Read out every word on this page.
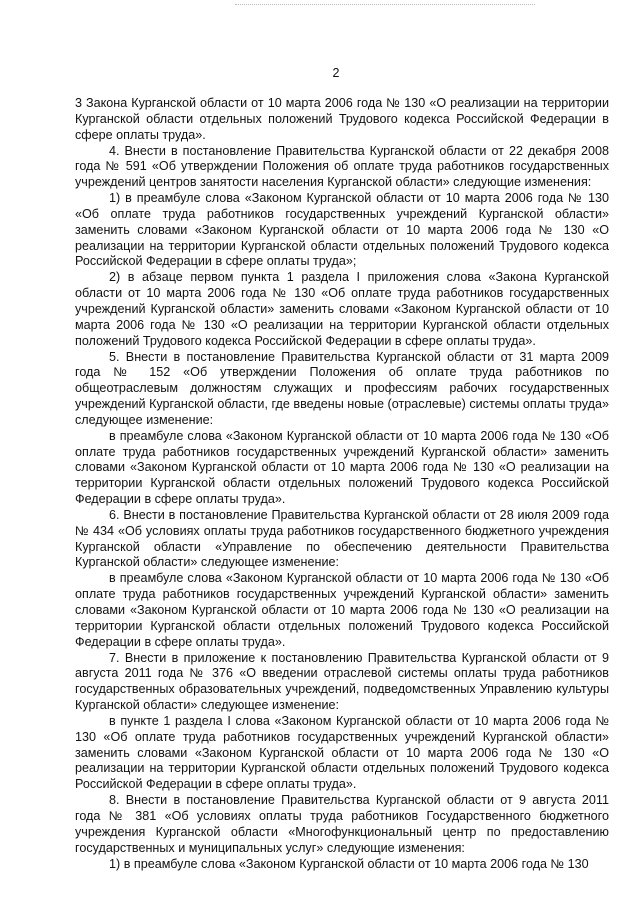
2

3 Закона Курганской области от 10 марта 2006 года № 130 «О реализации на территории Курганской области отдельных положений Трудового кодекса Российской Федерации в сфере оплаты труда».

4. Внести в постановление Правительства Курганской области от 22 декабря 2008 года № 591 «Об утверждении Положения об оплате труда работников государственных учреждений центров занятости населения Курганской области» следующие изменения:

1) в преамбуле слова «Законом Курганской области от 10 марта 2006 года № 130 «Об оплате труда работников государственных учреждений Курганской области» заменить словами «Законом Курганской области от 10 марта 2006 года № 130 «О реализации на территории Курганской области отдельных положений Трудового кодекса Российской Федерации в сфере оплаты труда»;

2) в абзаце первом пункта 1 раздела I приложения слова «Закона Курганской области от 10 марта 2006 года № 130 «Об оплате труда работников государственных учреждений Курганской области» заменить словами «Законом Курганской области от 10 марта 2006 года № 130 «О реализации на территории Курганской области отдельных положений Трудового кодекса Российской Федерации в сфере оплаты труда».

5. Внести в постановление Правительства Курганской области от 31 марта 2009 года № 152 «Об утверждении Положения об оплате труда работников по общеотраслевым должностям служащих и профессиям рабочих государственных учреждений Курганской области, где введены новые (отраслевые) системы оплаты труда» следующее изменение:

в преамбуле слова «Законом Курганской области от 10 марта 2006 года № 130 «Об оплате труда работников государственных учреждений Курганской области» заменить словами «Законом Курганской области от 10 марта 2006 года № 130 «О реализации на территории Курганской области отдельных положений Трудового кодекса Российской Федерации в сфере оплаты труда».

6. Внести в постановление Правительства Курганской области от 28 июля 2009 года № 434 «Об условиях оплаты труда работников государственного бюджетного учреждения Курганской области «Управление по обеспечению деятельности Правительства Курганской области» следующее изменение:

в преамбуле слова «Законом Курганской области от 10 марта 2006 года № 130 «Об оплате труда работников государственных учреждений Курганской области» заменить словами «Законом Курганской области от 10 марта 2006 года № 130 «О реализации на территории Курганской области отдельных положений Трудового кодекса Российской Федерации в сфере оплаты труда».

7. Внести в приложение к постановлению Правительства Курганской области от 9 августа 2011 года № 376 «О введении отраслевой системы оплаты труда работников государственных образовательных учреждений, подведомственных Управлению культуры Курганской области» следующее изменение:

в пункте 1 раздела I слова «Законом Курганской области от 10 марта 2006 года № 130 «Об оплате труда работников государственных учреждений Курганской области» заменить словами «Законом Курганской области от 10 марта 2006 года № 130 «О реализации на территории Курганской области отдельных положений Трудового кодекса Российской Федерации в сфере оплаты труда».

8. Внести в постановление Правительства Курганской области от 9 августа 2011 года № 381 «Об условиях оплаты труда работников Государственного бюджетного учреждения Курганской области «Многофункциональный центр по предоставлению государственных и муниципальных услуг» следующие изменения:

1) в преамбуле слова «Законом Курганской области от 10 марта 2006 года № 130
